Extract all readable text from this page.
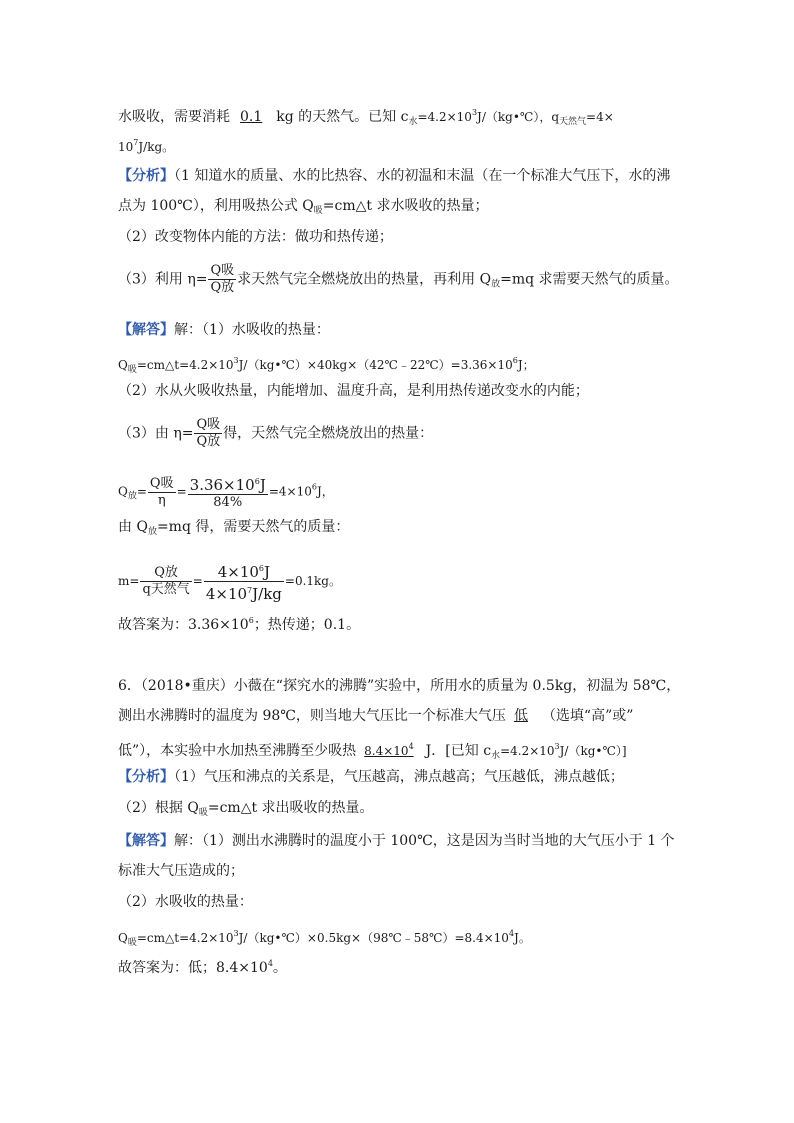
水吸收，需要消耗 0.1 kg 的天然气。已知 $c_水=4.2\times 10^3J/(kg•℃)$，$q_{天然气}=4\times$
$10^7J/kg$。
【分析】（1 知道水的质量、水的比热容、水的初温和末温（在一个标准大气压下，水的沸
点为 100℃），利用吸热公式 $Q_吸=cm\triangle t$ 求水吸收的热量；
（2）改变物体内能的方法：做功和热传递；
（3）利用 $\eta= \frac{\text{Q吸}}{\text{Q放}}$ 求天然气完全燃烧放出的热量，再利用 $Q_放=mq$ 求需要天然气的质量。
【解答】解：（1）水吸收的热量：
$Q_吸=cm\triangle t=4.2\times 10^3J/(kg•℃)\times 40kg\times(42℃﹣22℃)=3.36\times 10^6J$；
（2）水从火吸收热量，内能增加、温度升高，是利用热传递改变水的内能；
（3）由 $\eta= \frac{\text{Q吸}}{\text{Q放}}$ 得，天然气完全燃烧放出的热量：
$Q_放= \frac{\text{Q吸}}{\eta} = \frac{3.36\times 10^6J}{84\%} =4\times 10^6J$，
由 $Q_放=mq$ 得，需要天然气的质量：
$m= \frac{\text{Q放}}{\text{q天然气}} = \frac{4\times 10^6J}{4\times 10^7J/kg} =0.1kg$。
故答案为：$3.36\times 10^6$；热传递；0.1。
6．（2018•重庆）小薇在“探究水的沸腾”实验中，所用水的质量为 0.5kg，初温为 58℃，
测出水沸腾时的温度为 98℃，则当地大气压比一个标准大气压 低 （选填“高”或”
低”），本实验中水加热至沸腾至少吸热 $8.4\times 10^4$ J．[已知 $c_水=4.2\times 10^3J/(kg•℃)$]
【分析】（1）气压和沸点的关系是，气压越高，沸点越高；气压越低，沸点越低；
（2）根据 $Q_吸=cm\triangle t$ 求出吸收的热量。
【解答】解：（1）测出水沸腾时的温度小于 100℃，这是因为当时当地的大气压小于 1 个
标准大气压造成的；
（2）水吸收的热量：
$Q_吸=cm\triangle t=4.2\times 10^3J/(kg•℃)\times 0.5kg\times(98℃﹣58℃)=8.4\times 10^4J$。
故答案为：低；$8.4\times 10^4$。
